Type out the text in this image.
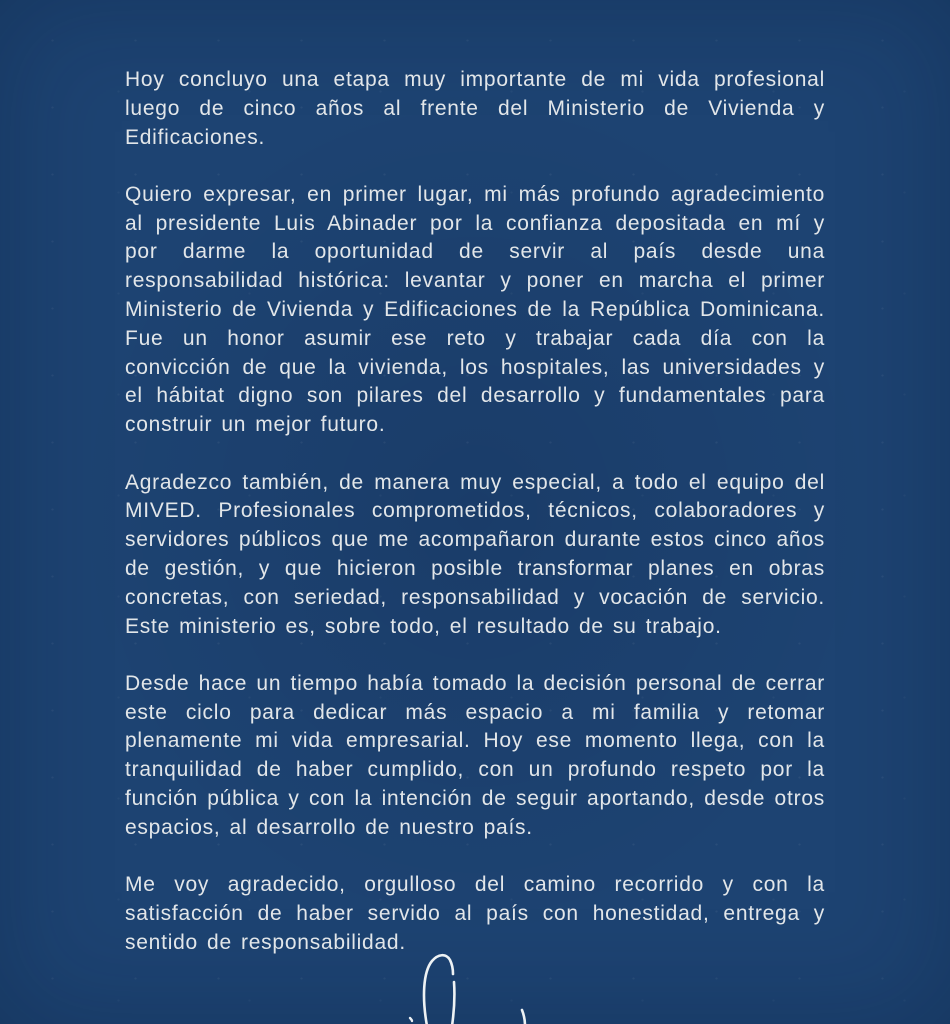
Hoy concluyo una etapa muy importante de mi vida profesional luego de cinco años al frente del Ministerio de Vivienda y Edificaciones.

Quiero expresar, en primer lugar, mi más profundo agradecimiento al presidente Luis Abinader por la confianza depositada en mí y por darme la oportunidad de servir al país desde una responsabilidad histórica: levantar y poner en marcha el primer Ministerio de Vivienda y Edificaciones de la República Dominicana. Fue un honor asumir ese reto y trabajar cada día con la convicción de que la vivienda, los hospitales, las universidades y el hábitat digno son pilares del desarrollo y fundamentales para construir un mejor futuro.

Agradezco también, de manera muy especial, a todo el equipo del MIVED. Profesionales comprometidos, técnicos, colaboradores y servidores públicos que me acompañaron durante estos cinco años de gestión, y que hicieron posible transformar planes en obras concretas, con seriedad, responsabilidad y vocación de servicio. Este ministerio es, sobre todo, el resultado de su trabajo.

Desde hace un tiempo había tomado la decisión personal de cerrar este ciclo para dedicar más espacio a mi familia y retomar plenamente mi vida empresarial. Hoy ese momento llega, con la tranquilidad de haber cumplido, con un profundo respeto por la función pública y con la intención de seguir aportando, desde otros espacios, al desarrollo de nuestro país.

Me voy agradecido, orgulloso del camino recorrido y con la satisfacción de haber servido al país con honestidad, entrega y sentido de responsabilidad.
